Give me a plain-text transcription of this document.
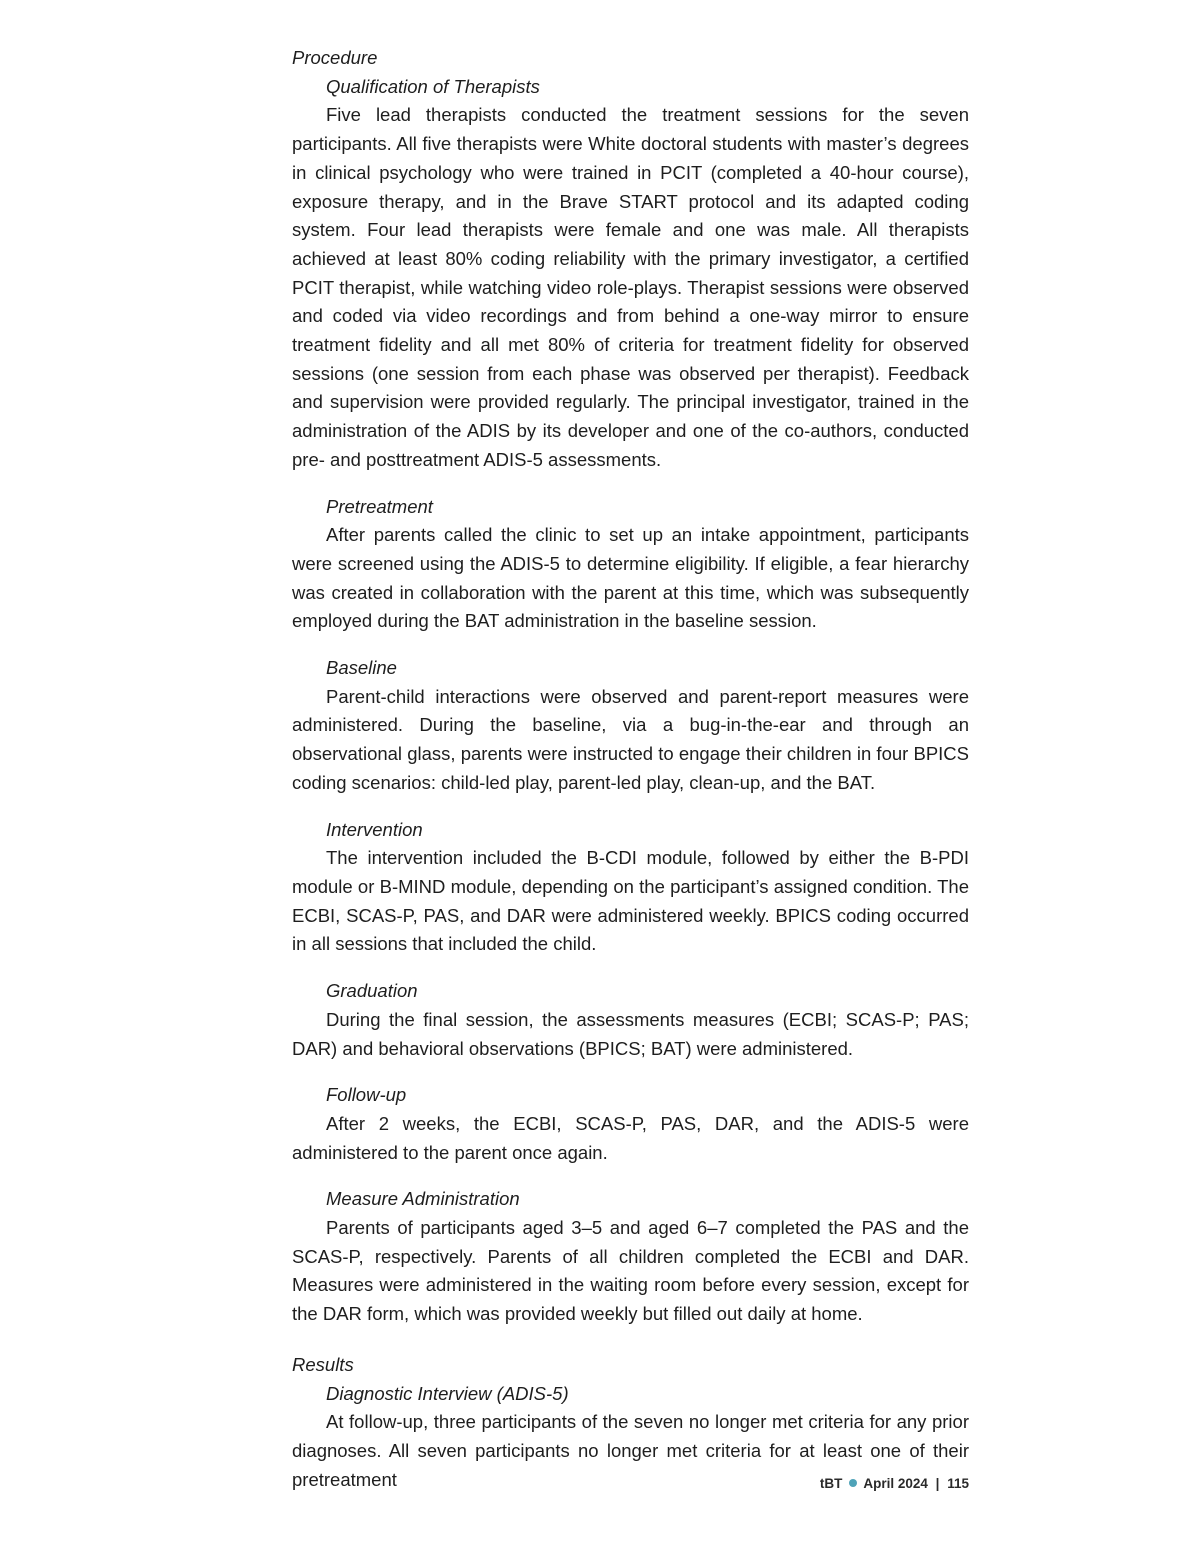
Procedure

Qualification of Therapists

Five lead therapists conducted the treatment sessions for the seven participants. All five therapists were White doctoral students with master’s degrees in clinical psychology who were trained in PCIT (completed a 40-hour course), exposure therapy, and in the Brave START protocol and its adapted coding system. Four lead therapists were female and one was male. All therapists achieved at least 80% coding reliability with the primary investigator, a certified PCIT therapist, while watching video role-plays. Therapist sessions were observed and coded via video recordings and from behind a one-way mirror to ensure treatment fidelity and all met 80% of criteria for treatment fidelity for observed sessions (one session from each phase was observed per therapist). Feedback and supervision were provided regularly. The principal investigator, trained in the administration of the ADIS by its developer and one of the co-authors, conducted pre- and posttreatment ADIS-5 assessments.

Pretreatment

After parents called the clinic to set up an intake appointment, participants were screened using the ADIS-5 to determine eligibility. If eligible, a fear hierarchy was created in collaboration with the parent at this time, which was subsequently employed during the BAT administration in the baseline session.

Baseline

Parent-child interactions were observed and parent-report measures were administered. During the baseline, via a bug-in-the-ear and through an observational glass, parents were instructed to engage their children in four BPICS coding scenarios: child-led play, parent-led play, clean-up, and the BAT.

Intervention

The intervention included the B-CDI module, followed by either the B-PDI module or B-MIND module, depending on the participant’s assigned condition. The ECBI, SCAS-P, PAS, and DAR were administered weekly. BPICS coding occurred in all sessions that included the child.

Graduation

During the final session, the assessments measures (ECBI; SCAS-P; PAS; DAR) and behavioral observations (BPICS; BAT) were administered.

Follow-up

After 2 weeks, the ECBI, SCAS-P, PAS, DAR, and the ADIS-5 were administered to the parent once again.

Measure Administration

Parents of participants aged 3–5 and aged 6–7 completed the PAS and the SCAS-P, respectively. Parents of all children completed the ECBI and DAR. Measures were administered in the waiting room before every session, except for the DAR form, which was provided weekly but filled out daily at home.

Results

Diagnostic Interview (ADIS-5)

At follow-up, three participants of the seven no longer met criteria for any prior diagnoses. All seven participants no longer met criteria for at least one of their pretreatment	tBT April 2024 | 115
